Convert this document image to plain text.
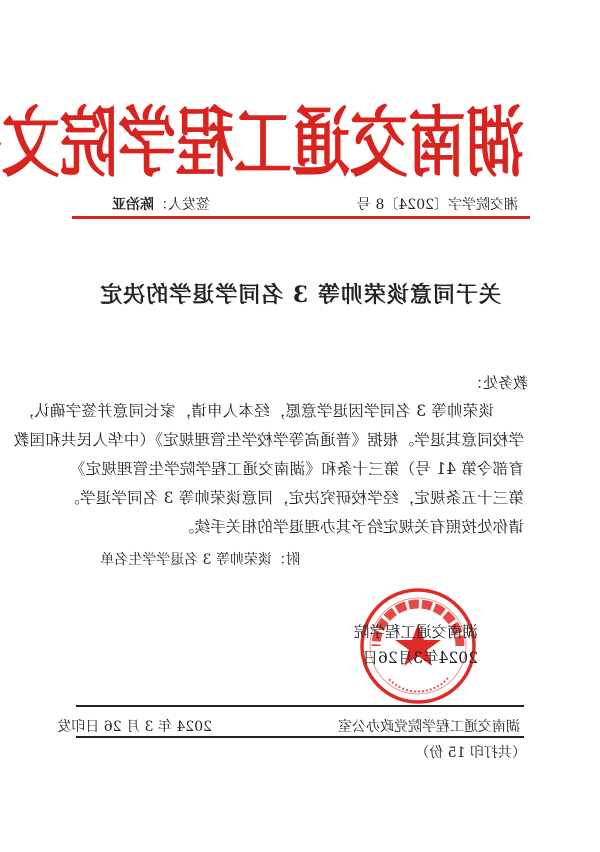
湖
南
交
通
工
程
学
院
文
湘交院学字〔2024〕8 号
签发人：陈治亚
关于同意谈荣帅等 3 名同学退学的决定
教务处：
谈荣帅等 3 名同学因退学意愿，经本人申请，家长同意并签字确认，
学校同意其退学。根据《普通高等学校学生管理规定》（中华人民共和国教
育部令第 41 号）第三十条和《湖南交通工程学院学生管理规定》
第三十五条规定，经学校研究决定，同意谈荣帅等 3 名同学退学。
请你处按照有关规定给予其办理退学的相关手续。
附：谈荣帅等 3 名退学学生名单
湖南交通工程学院
2024年3月26日
湖南交通工程学院党政办公室
2024 年 3 月 26 日印发
（共打印 15 份）
